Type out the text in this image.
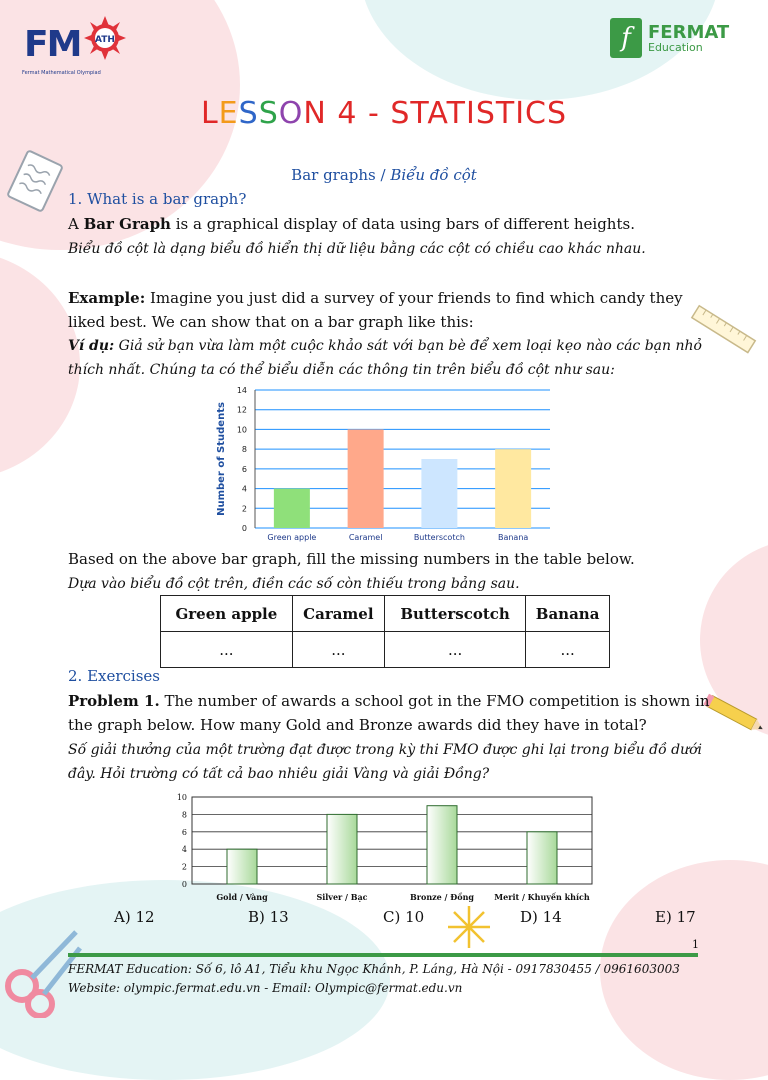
FM ATH
Fermat Mathematical Olympiad
f FERMAT
Education
LESSON 4 - STATISTICS
Bar graphs / Biểu đồ cột
1. What is a bar graph?
A Bar Graph is a graphical display of data using bars of different heights.
Biểu đồ cột là dạng biểu đồ hiển thị dữ liệu bằng các cột có chiều cao khác nhau.
Example: Imagine you just did a survey of your friends to find which candy they liked best. We can show that on a bar graph like this:
Ví dụ: Giả sử bạn vừa làm một cuộc khảo sát với bạn bè để xem loại kẹo nào các bạn nhỏ thích nhất. Chúng ta có thể biểu diễn các thông tin trên biểu đồ cột như sau:
0
2
4
6
8
10
12
14
Number of Students
Green apple	Caramel	Butterscotch	Banana
Based on the above bar graph, fill the missing numbers in the table below.
Dựa vào biểu đồ cột trên, điền các số còn thiếu trong bảng sau.
Green apple	Caramel	Butterscotch	Banana
...	...	...	...
2. Exercises
Problem 1. The number of awards a school got in the FMO competition is shown in the graph below. How many Gold and Bronze awards did they have in total?
Số giải thưởng của một trường đạt được trong kỳ thi FMO được ghi lại trong biểu đồ dưới đây. Hỏi trường có tất cả bao nhiêu giải Vàng và giải Đồng?
0
2
4
6
8
10
Gold / Vàng	Silver / Bạc	Bronze / Đồng	Merit / Khuyến khích
A) 12	B) 13	C) 10	D) 14	E) 17
1
FERMAT Education: Số 6, lô A1, Tiểu khu Ngọc Khánh, P. Láng, Hà Nội - 0917830455 / 0961603003
Website: olympic.fermat.edu.vn - Email: Olympic@fermat.edu.vn
